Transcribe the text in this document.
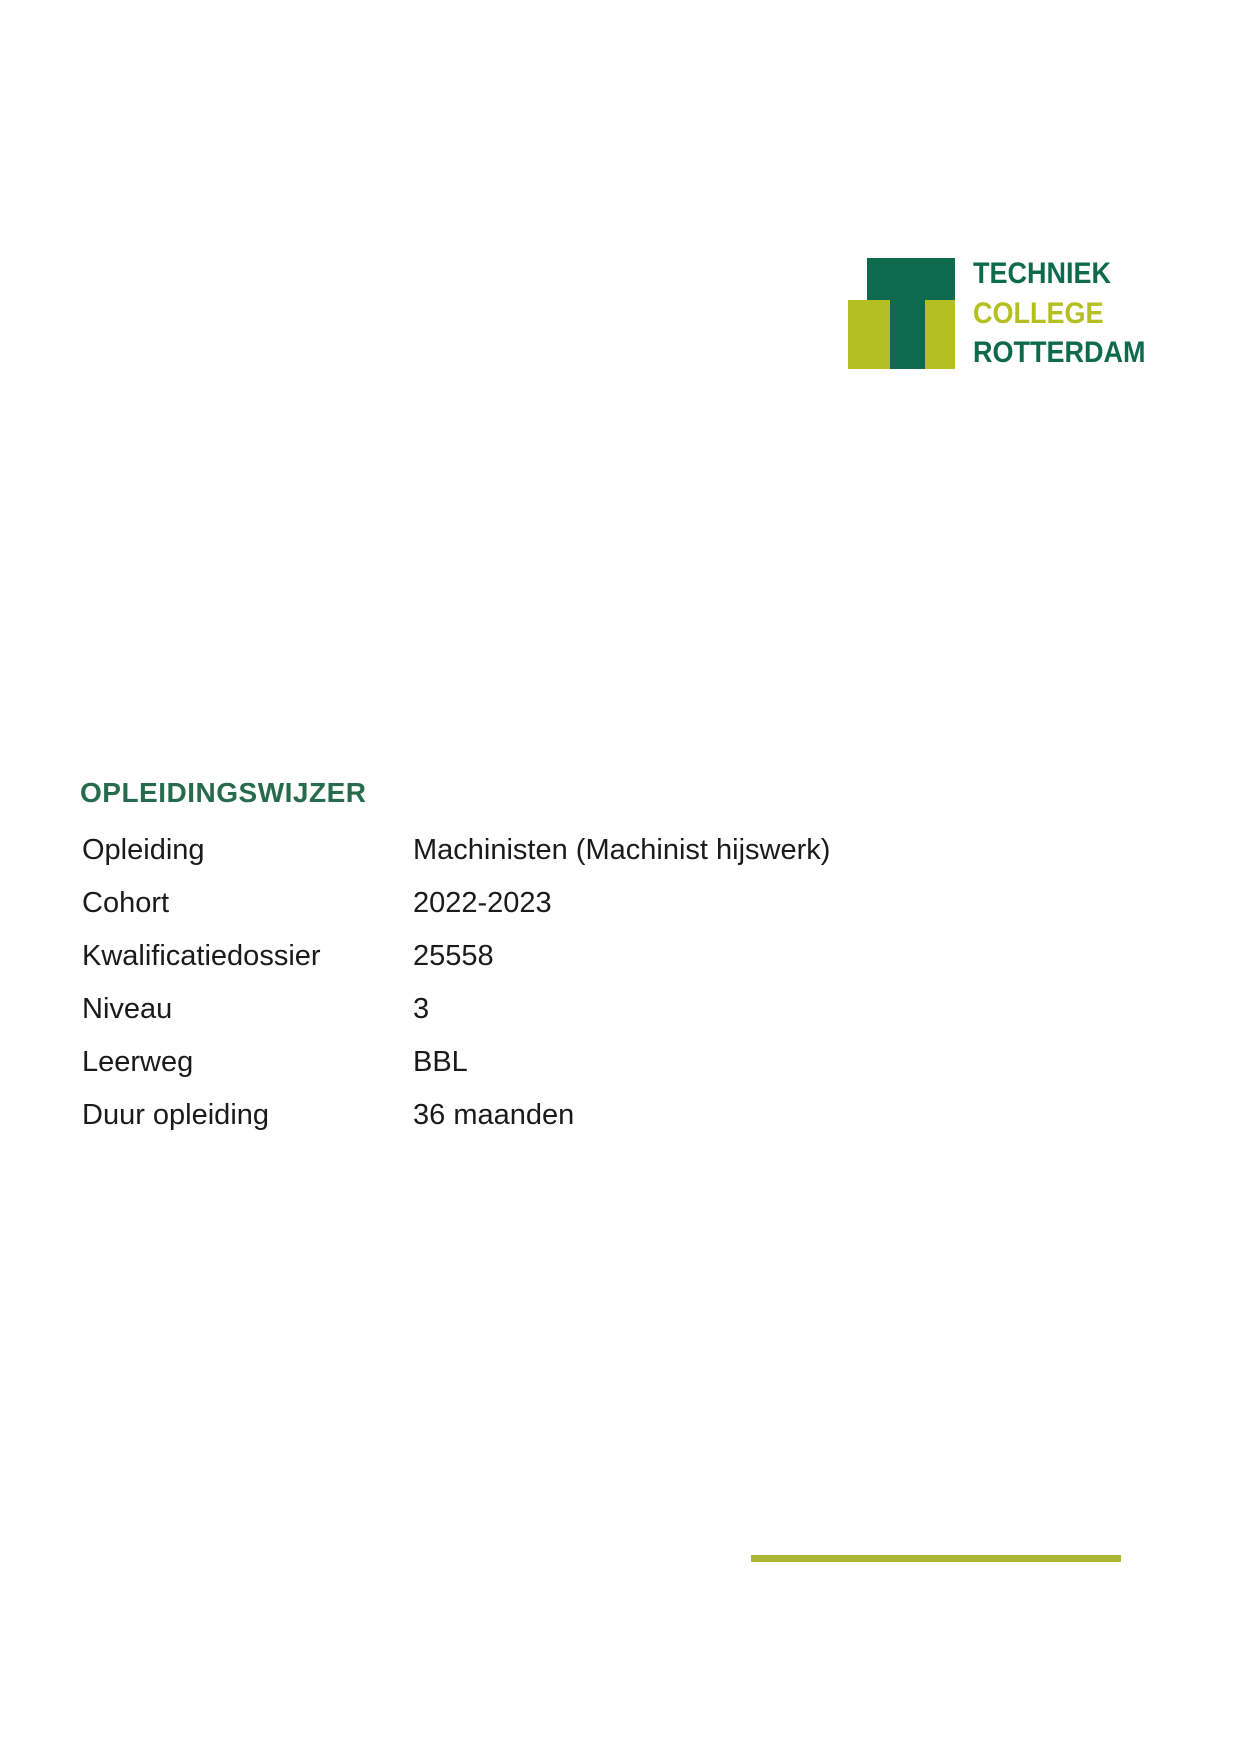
TECHNIEK
COLLEGE
ROTTERDAM
OPLEIDINGSWIJZER
Opleiding	Machinisten (Machinist hijswerk)
Cohort	2022-2023
Kwalificatiedossier	25558
Niveau	3
Leerweg	BBL
Duur opleiding	36 maanden
